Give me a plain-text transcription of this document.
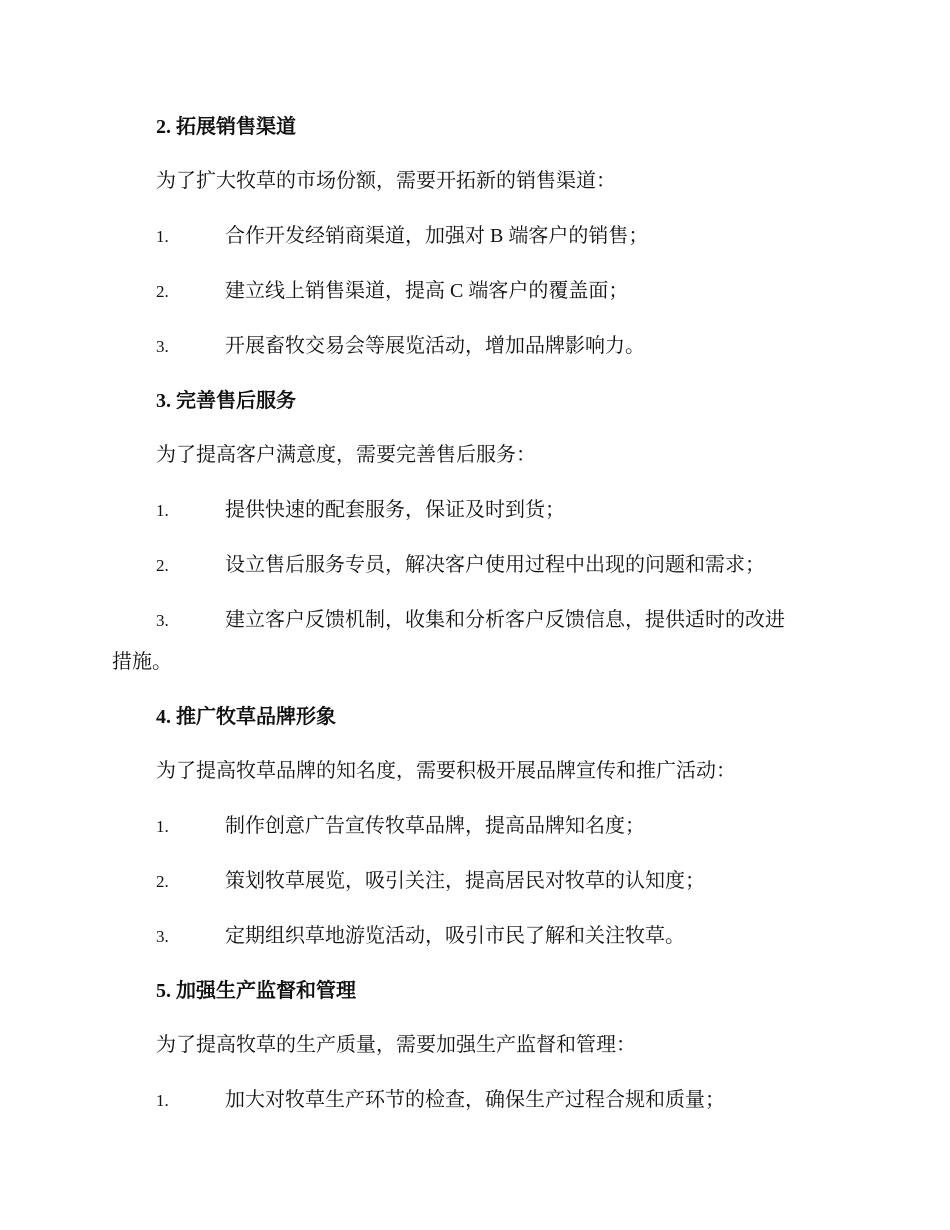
2. 拓展销售渠道
为了扩大牧草的市场份额，需要开拓新的销售渠道：
1.	合作开发经销商渠道，加强对 B 端客户的销售；
2.	建立线上销售渠道，提高 C 端客户的覆盖面；
3.	开展畜牧交易会等展览活动，增加品牌影响力。
3. 完善售后服务
为了提高客户满意度，需要完善售后服务：
1.	提供快速的配套服务，保证及时到货；
2.	设立售后服务专员，解决客户使用过程中出现的问题和需求；
3.	建立客户反馈机制，收集和分析客户反馈信息，提供适时的改进
措施。
4. 推广牧草品牌形象
为了提高牧草品牌的知名度，需要积极开展品牌宣传和推广活动：
1.	制作创意广告宣传牧草品牌，提高品牌知名度；
2.	策划牧草展览，吸引关注，提高居民对牧草的认知度；
3.	定期组织草地游览活动，吸引市民了解和关注牧草。
5. 加强生产监督和管理
为了提高牧草的生产质量，需要加强生产监督和管理：
1.	加大对牧草生产环节的检查，确保生产过程合规和质量；
